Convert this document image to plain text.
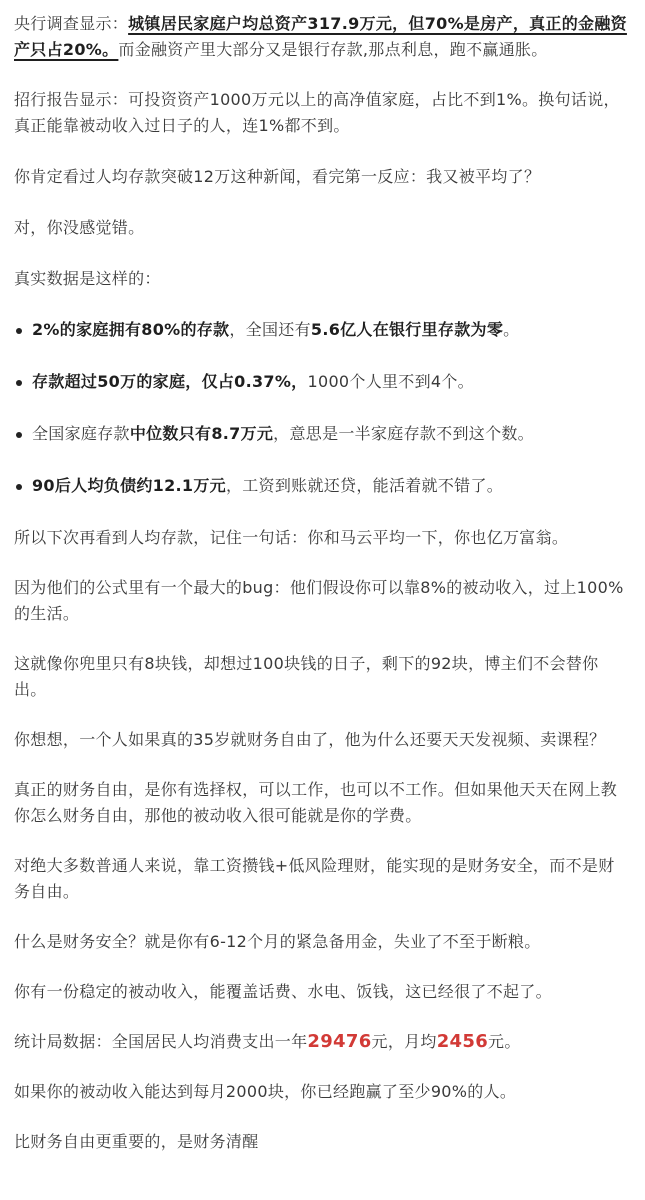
央行调查显示：城镇居民家庭户均总资产317.9万元，但70%是房产，真正的金融资产只占20%。而金融资产里大部分又是银行存款,那点利息，跑不赢通胀。

招行报告显示：可投资资产1000万元以上的高净值家庭，占比不到1%。换句话说，真正能靠被动收入过日子的人，连1%都不到。

你肯定看过人均存款突破12万这种新闻，看完第一反应：我又被平均了？

对，你没感觉错。

真实数据是这样的：

2%的家庭拥有80%的存款，全国还有5.6亿人在银行里存款为零。
存款超过50万的家庭，仅占0.37%，1000个人里不到4个。
全国家庭存款中位数只有8.7万元，意思是一半家庭存款不到这个数。
90后人均负债约12.1万元，工资到账就还贷，能活着就不错了。

所以下次再看到人均存款，记住一句话：你和马云平均一下，你也亿万富翁。

因为他们的公式里有一个最大的bug：他们假设你可以靠8%的被动收入，过上100%的生活。

这就像你兜里只有8块钱，却想过100块钱的日子，剩下的92块，博主们不会替你出。

你想想，一个人如果真的35岁就财务自由了，他为什么还要天天发视频、卖课程？

真正的财务自由，是你有选择权，可以工作，也可以不工作。但如果他天天在网上教你怎么财务自由，那他的被动收入很可能就是你的学费。

对绝大多数普通人来说，靠工资攒钱+低风险理财，能实现的是财务安全，而不是财务自由。

什么是财务安全？就是你有6-12个月的紧急备用金，失业了不至于断粮。

你有一份稳定的被动收入，能覆盖话费、水电、饭钱，这已经很了不起了。

统计局数据：全国居民人均消费支出一年29476元，月均2456元。

如果你的被动收入能达到每月2000块，你已经跑赢了至少90%的人。

比财务自由更重要的，是财务清醒
